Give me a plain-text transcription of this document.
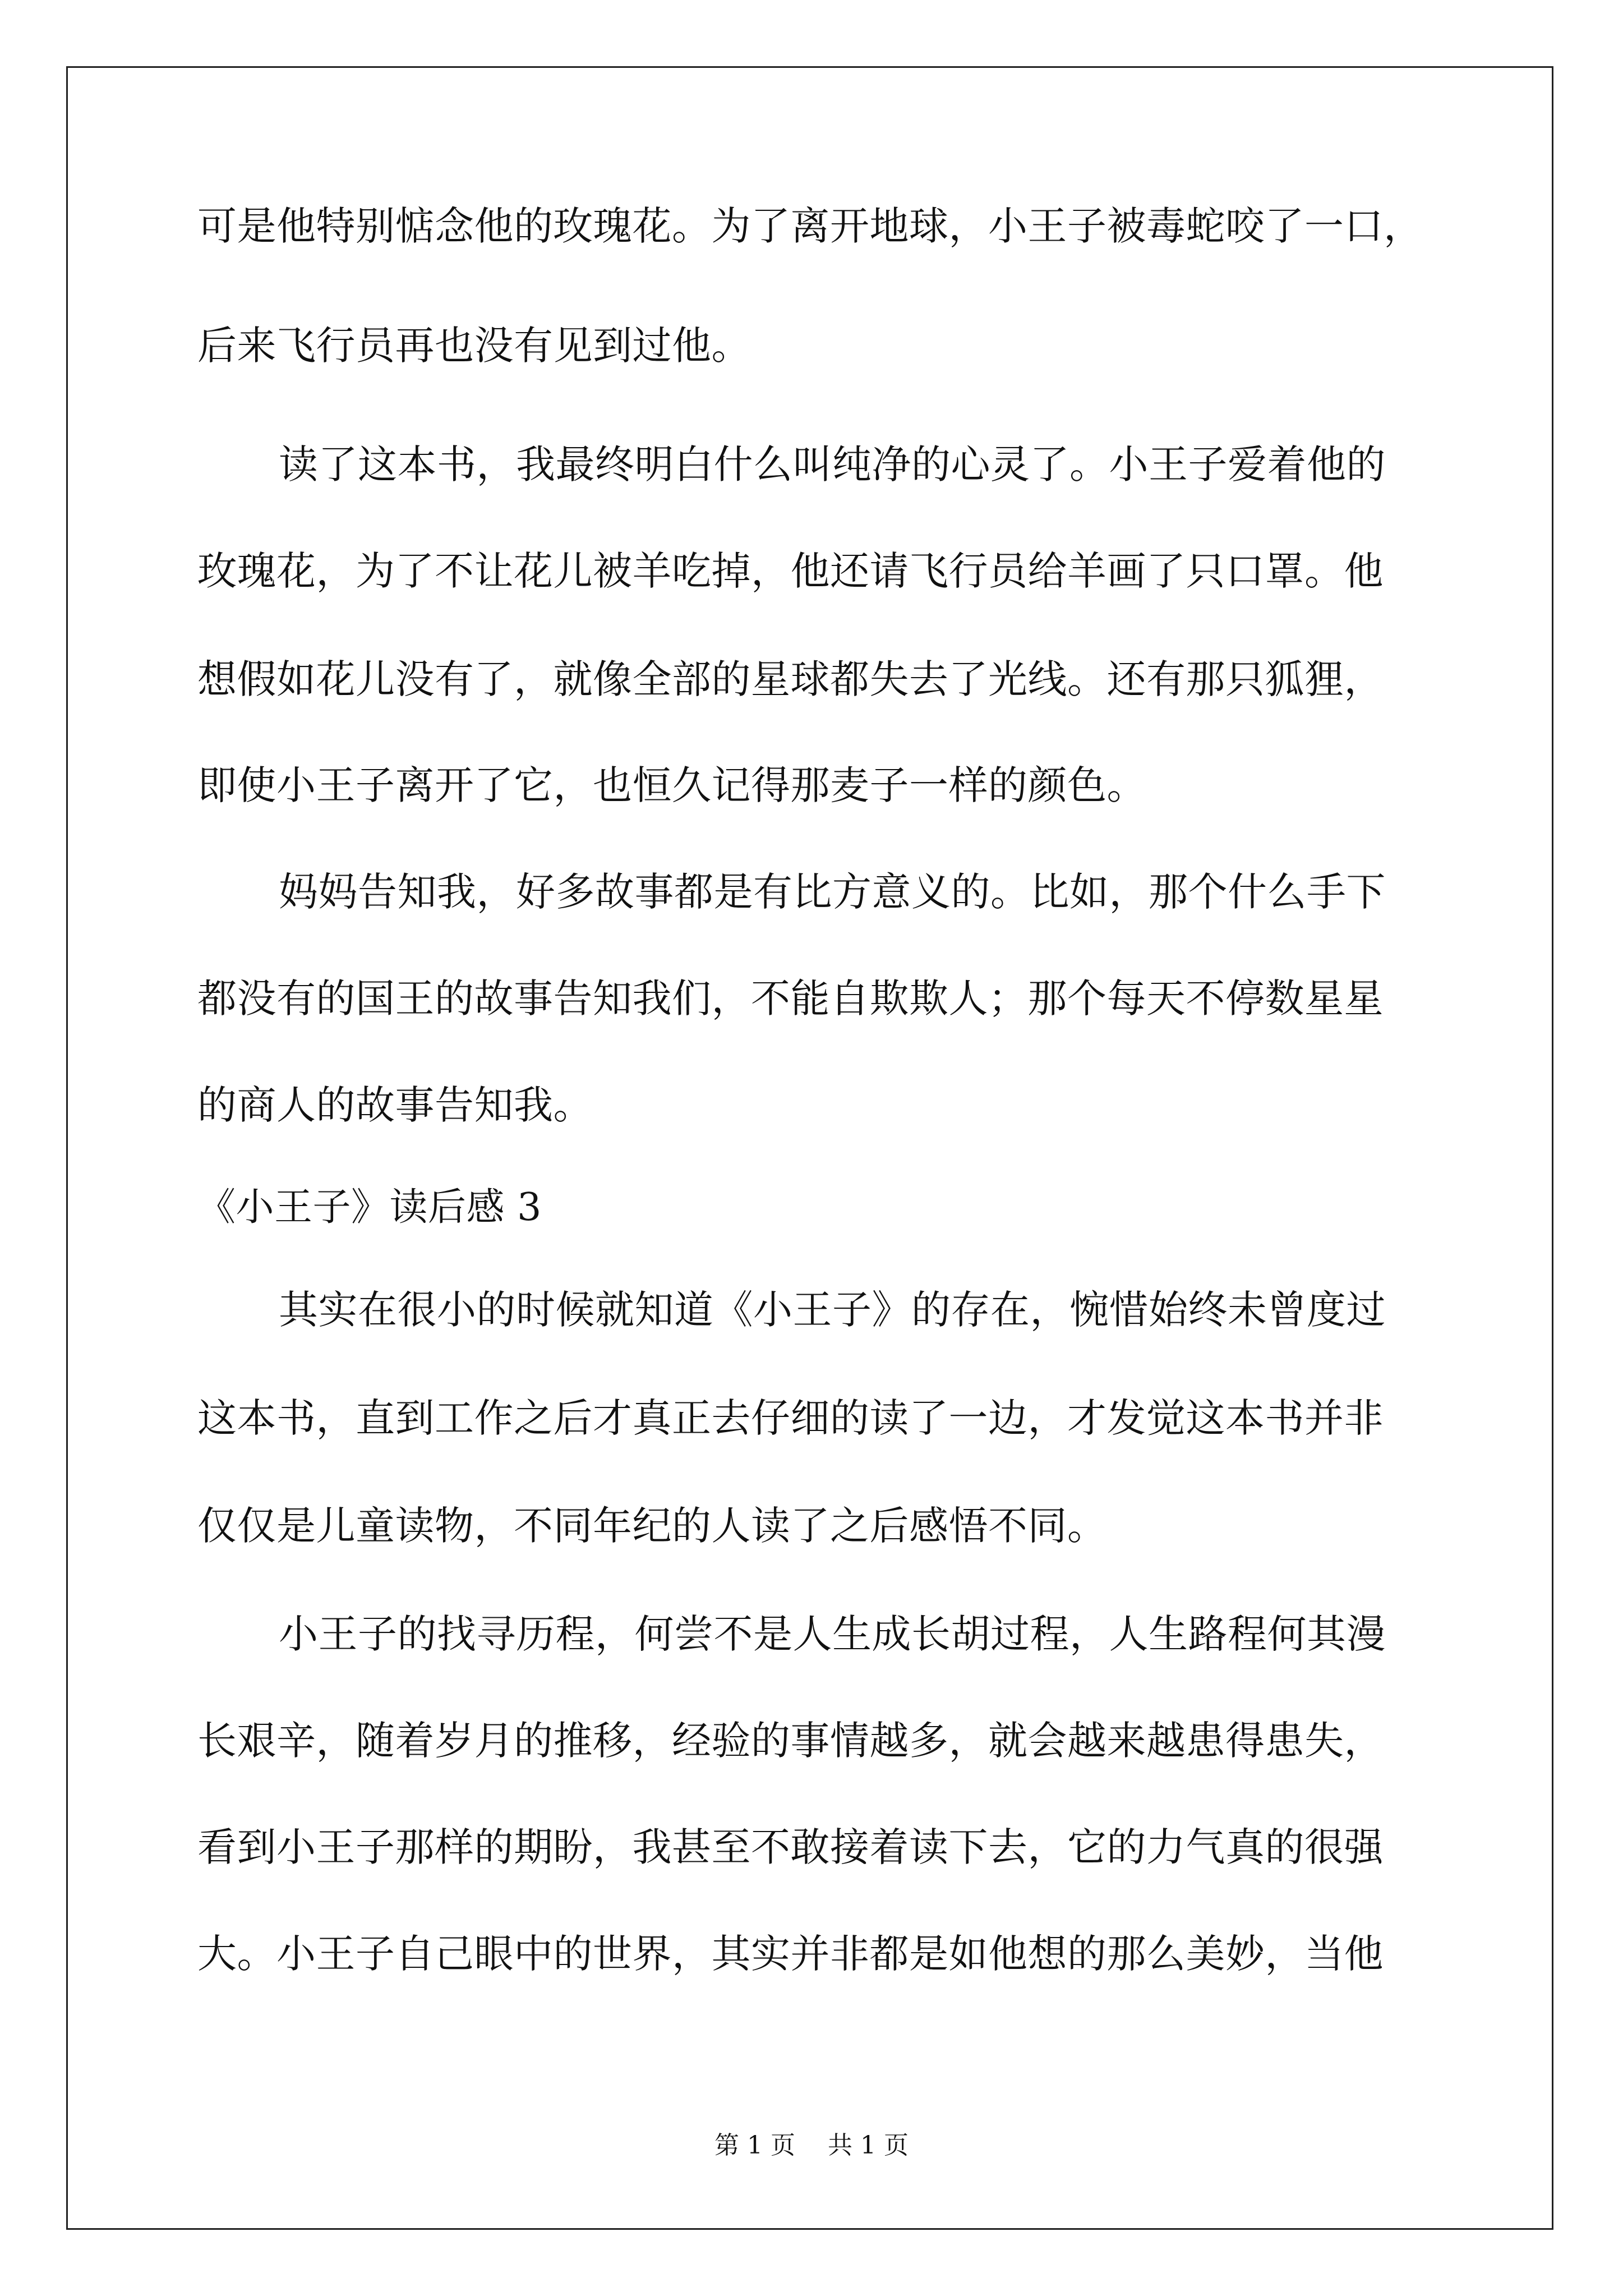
可是他特别惦念他的玫瑰花。为了离开地球，小王子被毒蛇咬了一口，
后来飞行员再也没有见到过他。
读了这本书，我最终明白什么叫纯净的心灵了。小王子爱着他的
玫瑰花，为了不让花儿被羊吃掉，他还请飞行员给羊画了只口罩。他
想假如花儿没有了，就像全部的星球都失去了光线。还有那只狐狸，
即使小王子离开了它，也恒久记得那麦子一样的颜色。
妈妈告知我，好多故事都是有比方意义的。比如，那个什么手下
都没有的国王的故事告知我们，不能自欺欺人；那个每天不停数星星
的商人的故事告知我。
《小王子》读后感 3
其实在很小的时候就知道《小王子》的存在，惋惜始终未曾度过
这本书，直到工作之后才真正去仔细的读了一边，才发觉这本书并非
仅仅是儿童读物，不同年纪的人读了之后感悟不同。
小王子的找寻历程，何尝不是人生成长胡过程，人生路程何其漫
长艰辛，随着岁月的推移，经验的事情越多，就会越来越患得患失，
看到小王子那样的期盼，我甚至不敢接着读下去，它的力气真的很强
大。小王子自己眼中的世界，其实并非都是如他想的那么美妙，当他
第 1 页　 共 1 页
